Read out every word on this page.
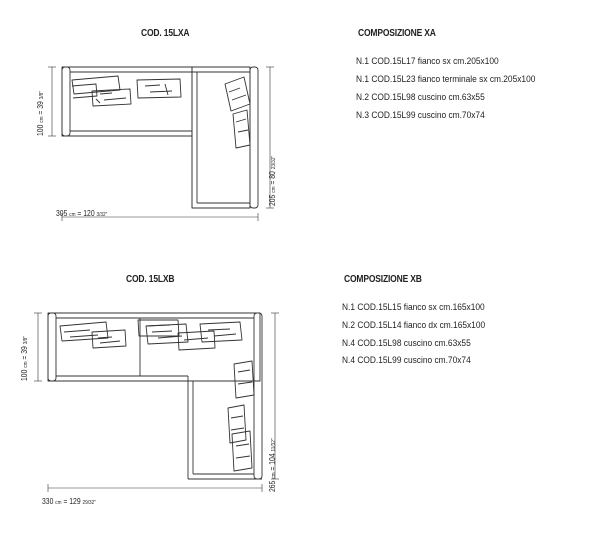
COD. 15LXA	COMPOSIZIONE XA
N.1 COD.15L17 fianco sx cm.205x100
N.1 COD.15L23 fianco terminale sx cm.205x100
N.2 COD.15L98 cuscino cm.63x55
N.3 COD.15L99 cuscino cm.70x74
305 cm = 120 3/32"
100 cm = 39 3/8"
205 cm = 80 23/32"
COD. 15LXB	COMPOSIZIONE XB
N.1 COD.15L15 fianco sx cm.165x100
N.2 COD.15L14 fianco dx cm.165x100
N.4 COD.15L98 cuscino cm.63x55
N.4 COD.15L99 cuscino cm.70x74
330 cm = 129 29/32"
100 cm = 39 3/8"
265 cm = 104 11/32"
